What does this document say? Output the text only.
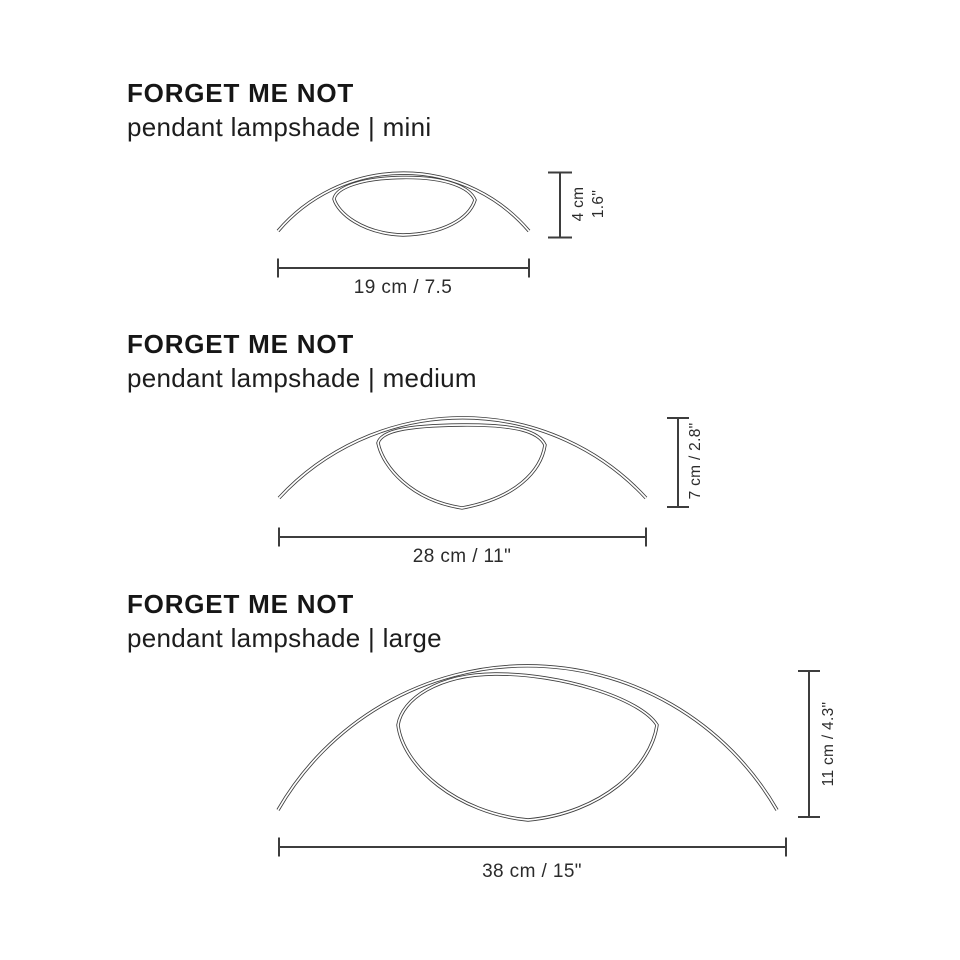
FORGET ME NOT
pendant lampshade | mini
4 cm 1.6"
19 cm / 7.5
FORGET ME NOT
pendant lampshade | medium
7 cm / 2.8"
28 cm / 11"
FORGET ME NOT
pendant lampshade | large
11 cm / 4.3"
38 cm / 15"
